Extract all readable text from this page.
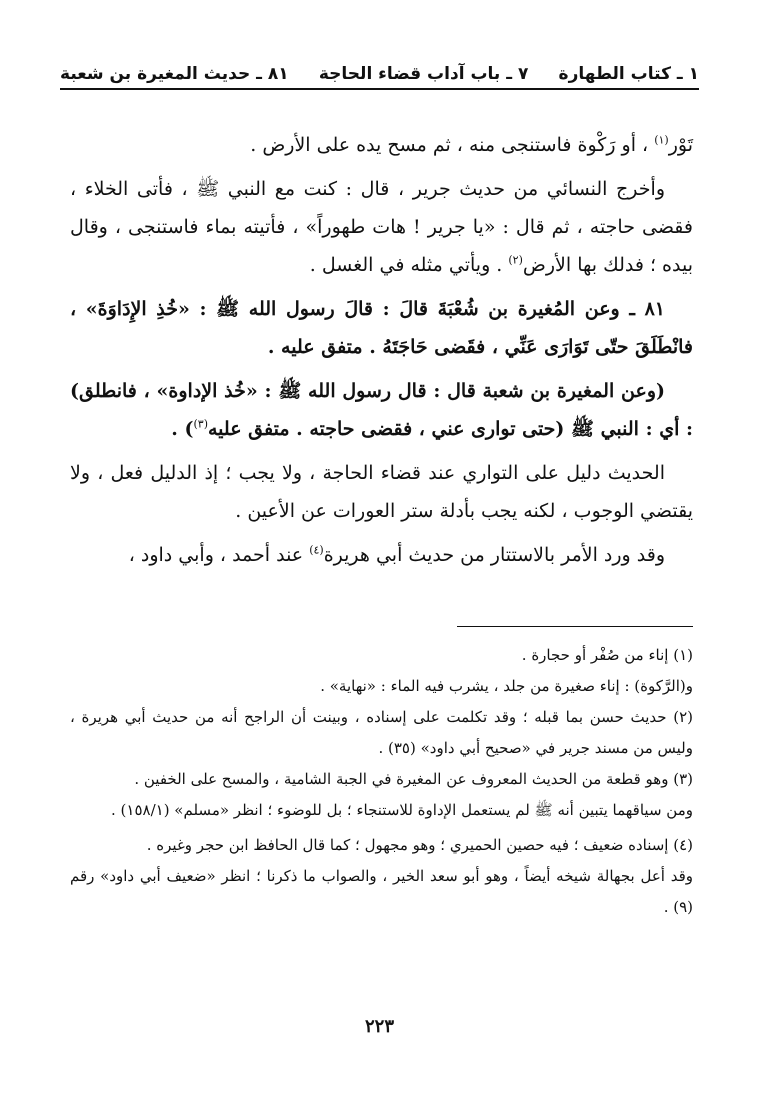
١ ـ كتاب الطهارة
٧ ـ باب آداب قضاء الحاجة
٨١ ـ حديث المغيرة بن شعبة

تَوْر$^{(١)}$ ، أو رَكْوة فاستنجى منه ، ثم مسح يده على الأرض .

وأخرج النسائي من حديث جرير ، قال : كنت مع النبي ﷺ ، فأتى الخلاء ، فقضى حاجته ، ثم قال : «يا جرير ! هات طهوراً» ، فأتيته بماء فاستنجى ، وقال بيده ؛ فدلك بها الأرض$^{(٢)}$ . ويأتي مثله في الغسل .

٨١ ـ وعن المُغيرة بن شُعْبَةَ قالَ : قالَ رسول الله ﷺ : «خُذِ الإِدَاوَةَ» ، فانْطَلَقَ حتّى تَوَارَى عَنِّي ، فقَضى حَاجَتَهُ . متفق عليه .

(وعن المغيرة بن شعبة قال : قال رسول الله ﷺ : «خُذ الإداوة» ، فانطلق) : أي : النبي ﷺ (حتى توارى عني ، فقضى حاجته . متفق عليه$^{(٣)}$) .

الحديث دليل على التواري عند قضاء الحاجة ، ولا يجب ؛ إذ الدليل فعل ، ولا يقتضي الوجوب ، لكنه يجب بأدلة ستر العورات عن الأعين .

وقد ورد الأمر بالاستتار من حديث أبي هريرة$^{(٤)}$ عند أحمد ، وأبي داود ،

(١) إناء من صُفْر أو حجارة .

و(الرَّكوة) : إناء صغيرة من جلد ، يشرب فيه الماء : «نهاية» .

(٢) حديث حسن بما قبله ؛ وقد تكلمت على إسناده ، وبينت أن الراجح أنه من حديث أبي هريرة ، وليس من مسند جرير في «صحيح أبي داود» (٣٥) .

(٣) وهو قطعة من الحديث المعروف عن المغيرة في الجبة الشامية ، والمسح على الخفين .

ومن سياقهما يتبين أنه ﷺ لم يستعمل الإداوة للاستنجاء ؛ بل للوضوء ؛ انظر «مسلم» (١٥٨/١) .

(٤) إسناده ضعيف ؛ فيه حصين الحميري ؛ وهو مجهول ؛ كما قال الحافظ ابن حجر وغيره .

وقد أعل بجهالة شيخه أيضاً ، وهو أبو سعد الخير ، والصواب ما ذكرنا ؛ انظر «ضعيف أبي داود» رقم (٩) .

٢٢٣
